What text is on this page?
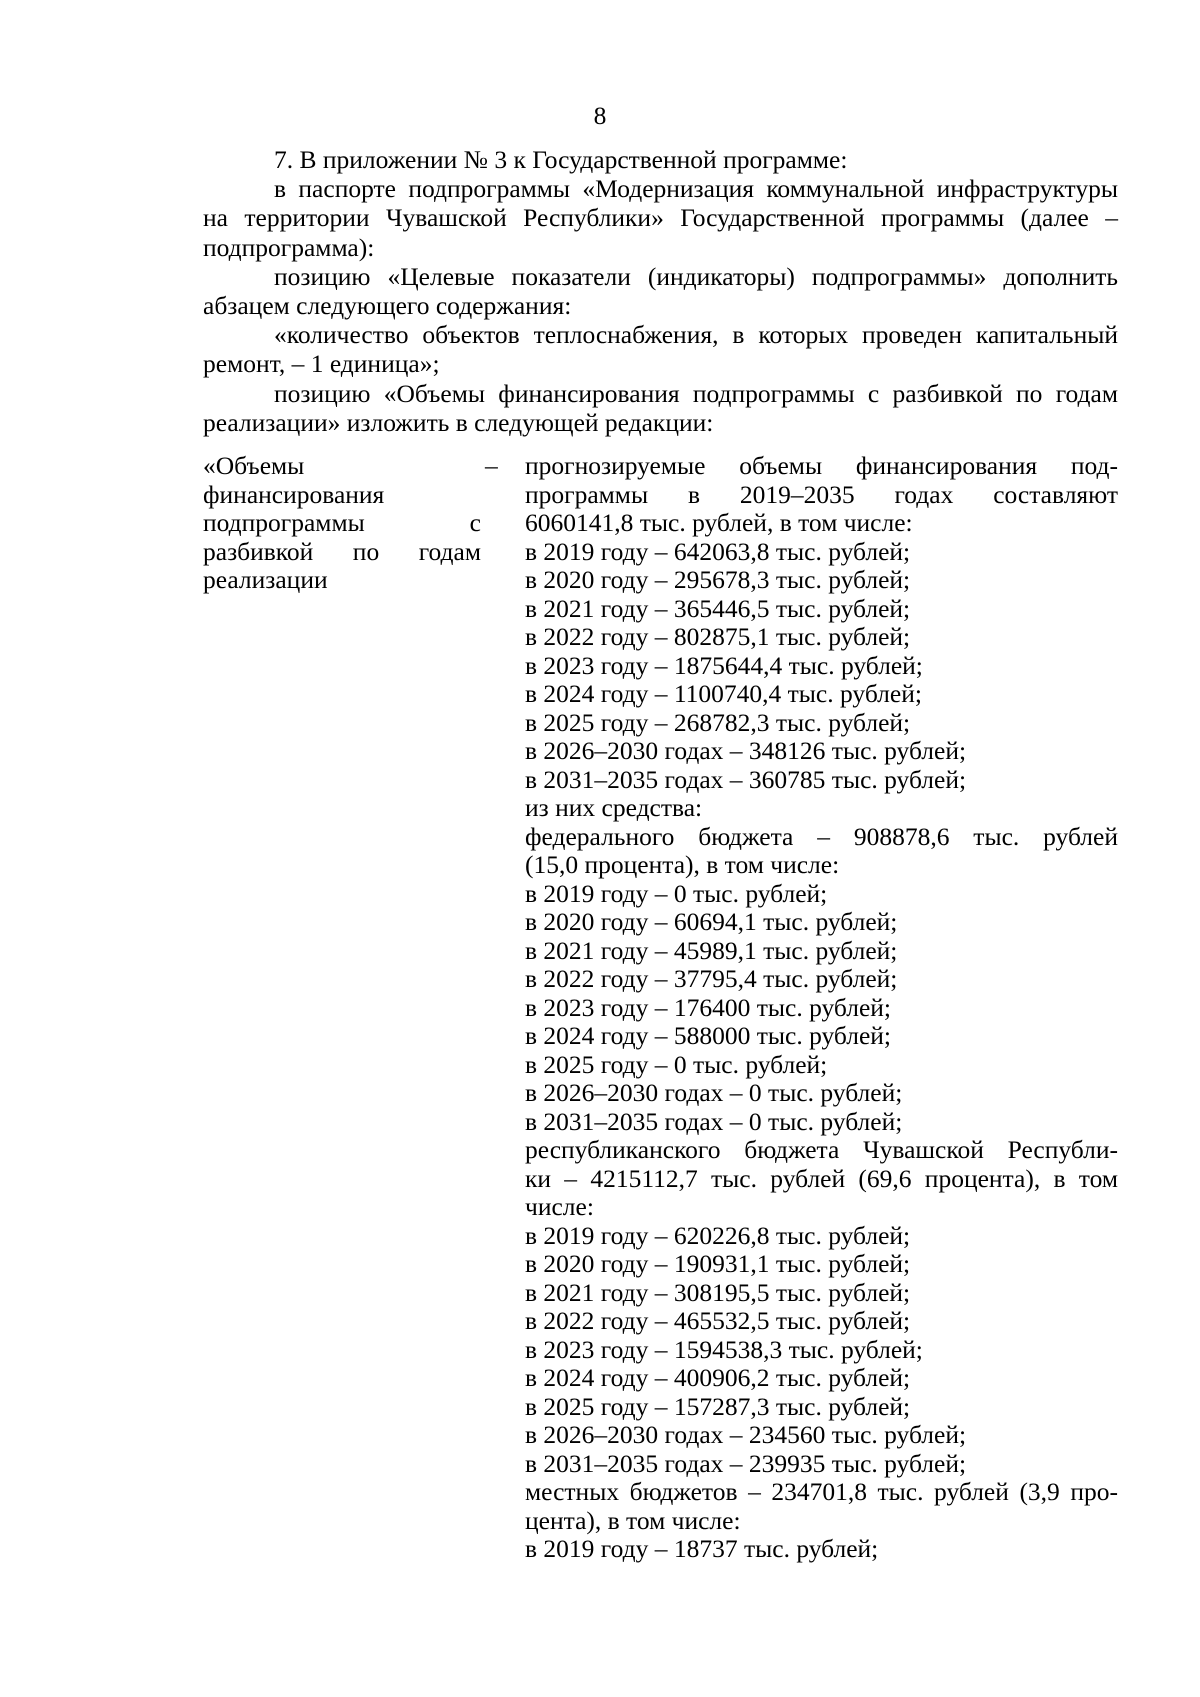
8

7. В приложении № 3 к Государственной программе:

в паспорте подпрограммы «Модернизация коммунальной инфраструктуры на территории Чувашской Республики» Государственной программы (далее – подпрограмма):

позицию «Целевые показатели (индикаторы) подпрограммы» дополнить абзацем следующего содержания:

«количество объектов теплоснабжения, в которых проведен капитальный ремонт, – 1 единица»;

позицию «Объемы финансирования подпрограммы с разбивкой по годам реализации» изложить в следующей редакции:

«Объемы финансирования подпрограммы с разбивкой по годам реализации
–	прогнозируемые объемы финансирования под-
программы в 2019–2035 годах составляют
6060141,8 тыс. рублей, в том числе:
в 2019 году – 642063,8 тыс. рублей;
в 2020 году – 295678,3 тыс. рублей;
в 2021 году – 365446,5 тыс. рублей;
в 2022 году – 802875,1 тыс. рублей;
в 2023 году – 1875644,4 тыс. рублей;
в 2024 году – 1100740,4 тыс. рублей;
в 2025 году – 268782,3 тыс. рублей;
в 2026–2030 годах – 348126 тыс. рублей;
в 2031–2035 годах – 360785 тыс. рублей;
из них средства:
федерального бюджета – 908878,6 тыс. рублей
(15,0 процента), в том числе:
в 2019 году – 0 тыс. рублей;
в 2020 году – 60694,1 тыс. рублей;
в 2021 году – 45989,1 тыс. рублей;
в 2022 году – 37795,4 тыс. рублей;
в 2023 году – 176400 тыс. рублей;
в 2024 году – 588000 тыс. рублей;
в 2025 году – 0 тыс. рублей;
в 2026–2030 годах – 0 тыс. рублей;
в 2031–2035 годах – 0 тыс. рублей;
республиканского бюджета Чувашской Республи-
ки – 4215112,7 тыс. рублей (69,6 процента), в том
числе:
в 2019 году – 620226,8 тыс. рублей;
в 2020 году – 190931,1 тыс. рублей;
в 2021 году – 308195,5 тыс. рублей;
в 2022 году – 465532,5 тыс. рублей;
в 2023 году – 1594538,3 тыс. рублей;
в 2024 году – 400906,2 тыс. рублей;
в 2025 году – 157287,3 тыс. рублей;
в 2026–2030 годах – 234560 тыс. рублей;
в 2031–2035 годах – 239935 тыс. рублей;
местных бюджетов – 234701,8 тыс. рублей (3,9 про-
цента), в том числе:
в 2019 году – 18737 тыс. рублей;
